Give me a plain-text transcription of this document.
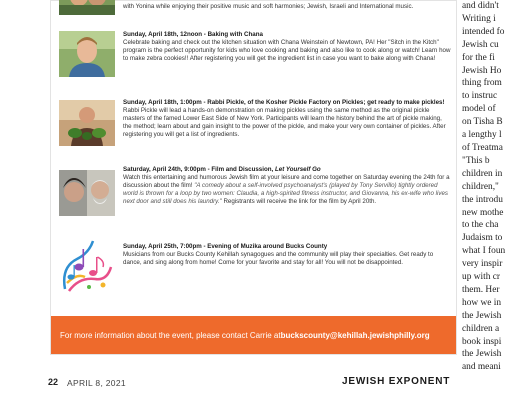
with Yonina while enjoying their positive music and soft harmonies; Jewish, Israeli and International music.
Sunday, April 18th, 12noon - Baking with Chana
Celebrate baking and check out the kitchen situation with Chana Weinstein of Newtown, PA! Her "Sitch in the Kitch" program is the perfect opportunity for kids who love cooking and baking and also like to cook along or watch! Learn how to make zebra cookies!! After registering you will get the ingredient list in case you want to bake along with Chana!
Sunday, April 18th, 1:00pm - Rabbi Pickle, of the Kosher Pickle Factory on Pickles; get ready to make pickles!
Rabbi Pickle will lead a hands-on demonstration on making pickles using the same method as the original pickle masters of the famed Lower East Side of New York. Participants will learn the history behind the art of pickle making, the method; learn about and gain insight to the power of the pickle, and make your very own container of pickles. After registering you will get a list of ingredients.
Saturday, April 24th, 9:00pm - Film and Discussion, Let Yourself Go
Watch this entertaining and humorous Jewish film at your leisure and come together on Saturday evening the 24th for a discussion about the film! "A comedy about a self-involved psychoanalyst's (played by Tony Servillo) tightly ordered world is thrown for a loop by two women: Claudia, a high-spirited fitness instructor, and Giovanna, his ex-wife who lives next door and still does his laundry." Registrants will receive the link for the film by April 20th.
Sunday, April 25th, 7:00pm - Evening of Muzika around Bucks County
Musicians from our Bucks County Kehillah synagogues and the community will play their specialties. Get ready to dance, and sing along from home! Come for your favorite and stay for all! You will not be disappointed.
For more information about the event, please contact Carrie at buckscounty@kehillah.jewishphilly.org
22 APRIL 8, 2021	JEWISH EXPONENT
and didn't
Writing i
intended fo
Jewish cu
for the fi
Jewish Ho
thing from
to instruc
model of
on Tisha B
a lengthy l
of Treatma
"This b
children in
children,"
the introdu
new mothe
to the cha
Judaism to
what I foun
very inspir
up with cr
them. Her
how we in
the Jewish
children a
book inspi
the Jewish
and meani
